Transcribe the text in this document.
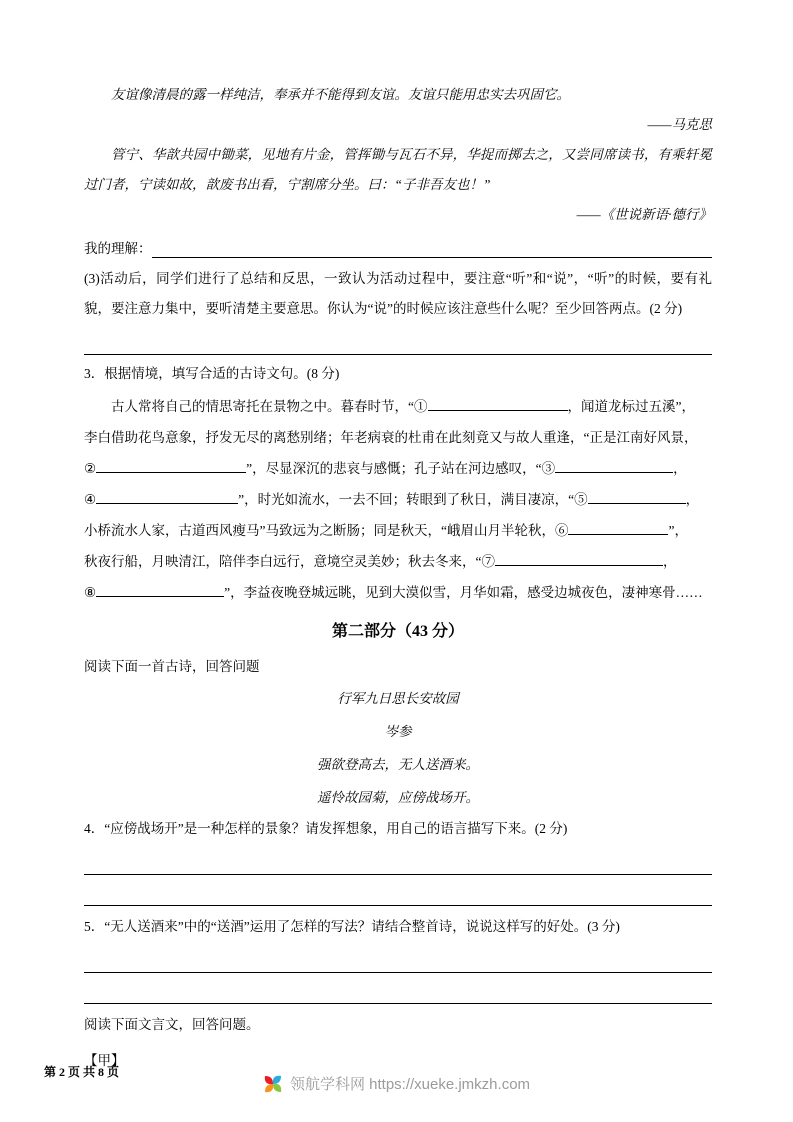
友谊像清晨的露一样纯洁，奉承并不能得到友谊。友谊只能用忠实去巩固它。

——马克思

管宁、华歆共园中锄菜，见地有片金，管挥锄与瓦石不异，华捉而掷去之，又尝同席读书，有乘轩冕过门者，宁读如故，歆废书出看，宁割席分坐。曰：“子非吾友也！”

——《世说新语·德行》

我的理解：

(3)活动后，同学们进行了总结和反思，一致认为活动过程中，要注意“听”和“说”，“听”的时候，要有礼貌，要注意力集中，要听清楚主要意思。你认为“说”的时候应该注意些什么呢？至少回答两点。(2 分)

3．根据情境，填写合适的古诗文句。(8 分)

古人常将自己的情思寄托在景物之中。暮春时节，“①	，闻道龙标过五溪”，
李白借助花鸟意象，抒发无尽的离愁别绪；年老病衰的杜甫在此刻竟又与故人重逢，“正是江南好风景，
②	”，尽显深沉的悲哀与感慨；孔子站在河边感叹，“③	，
④	”，时光如流水，一去不回；转眼到了秋日，满目凄凉，“⑤	，
小桥流水人家，古道西风瘦马”马致远为之断肠；同是秋天，“峨眉山月半轮秋，⑥	”，
秋夜行船，月映清江，陪伴李白远行，意境空灵美妙；秋去冬来，“⑦	，
⑧	”，李益夜晚登城远眺，见到大漠似雪，月华如霜，感受边城夜色，凄神寒骨……

第二部分（43 分）

阅读下面一首古诗，回答问题

行军九日思长安故园

岑参

强欲登高去，无人送酒来。

遥怜故园菊，应傍战场开。

4．“应傍战场开”是一种怎样的景象？请发挥想象，用自己的语言描写下来。(2 分)

5．“无人送酒来”中的“送酒”运用了怎样的写法？请结合整首诗，说说这样写的好处。(3 分)

阅读下面文言文，回答问题。

【甲】

第 2 页 共 8 页
领航学科网 https://xueke.jmkzh.com
